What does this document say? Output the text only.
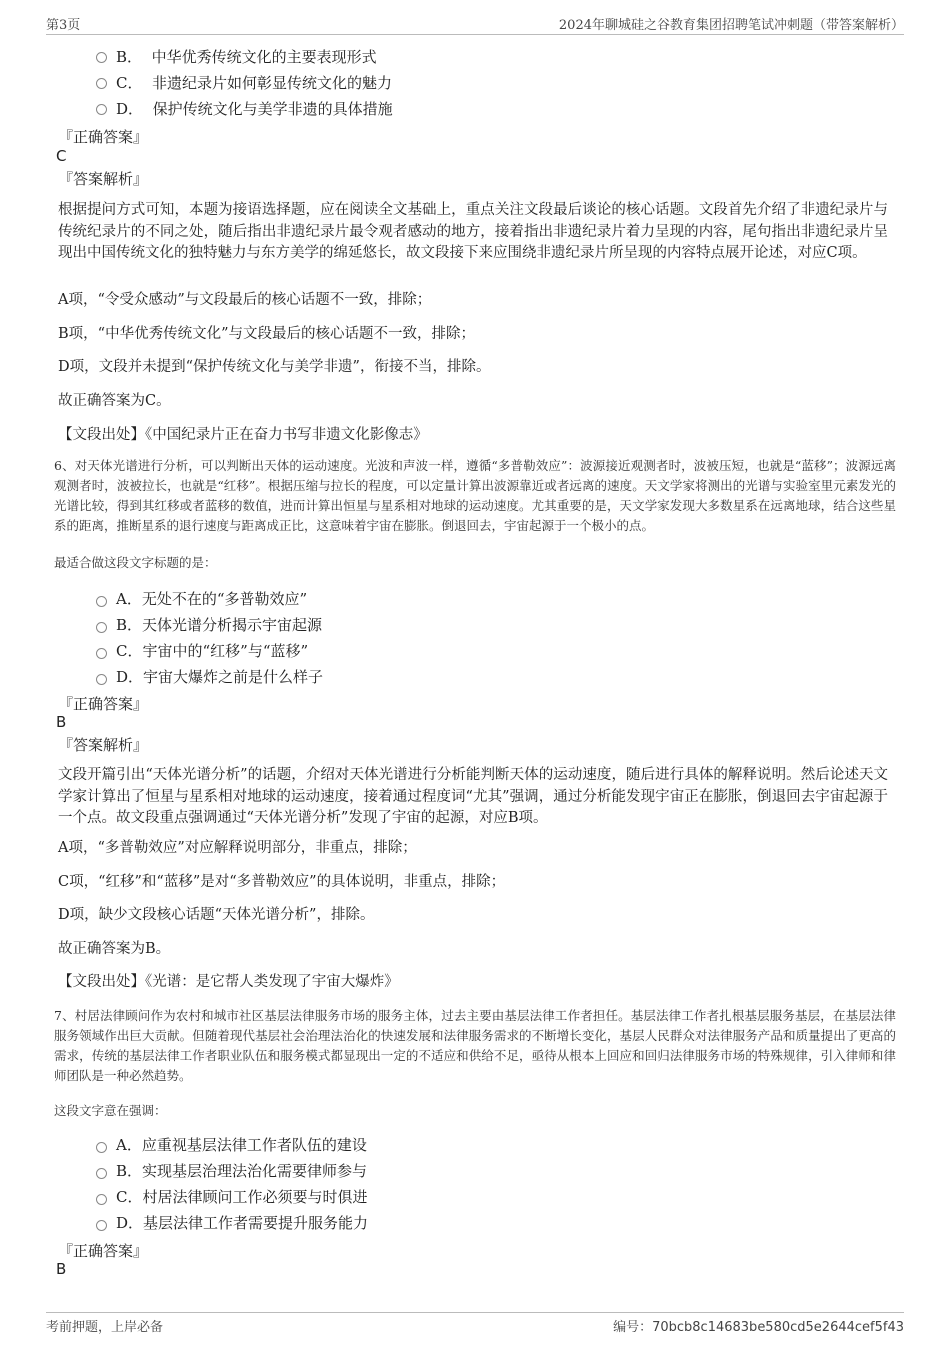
第3页	2024年聊城硅之谷教育集团招聘笔试冲刺题（带答案解析）
B． 中华优秀传统文化的主要表现形式
C． 非遗纪录片如何彰显传统文化的魅力
D． 保护传统文化与美学非遗的具体措施
『正确答案』
C
『答案解析』
根据提问方式可知，本题为接语选择题，应在阅读全文基础上，重点关注文段最后谈论的核心话题。文段首先介绍了非遗纪录片与传统纪录片的不同之处，随后指出非遗纪录片最令观者感动的地方，接着指出非遗纪录片着力呈现的内容，尾句指出非遗纪录片呈现出中国传统文化的独特魅力与东方美学的绵延悠长，故文段接下来应围绕非遗纪录片所呈现的内容特点展开论述，对应C项。
A项，“令受众感动”与文段最后的核心话题不一致，排除；
B项，“中华优秀传统文化”与文段最后的核心话题不一致，排除；
D项，文段并未提到“保护传统文化与美学非遗”，衔接不当，排除。
故正确答案为C。
【文段出处】《中国纪录片正在奋力书写非遗文化影像志》
6、对天体光谱进行分析，可以判断出天体的运动速度。光波和声波一样，遵循“多普勒效应”：波源接近观测者时，波被压短，也就是“蓝移”；波源远离观测者时，波被拉长，也就是“红移”。根据压缩与拉长的程度，可以定量计算出波源靠近或者远离的速度。天文学家将测出的光谱与实验室里元素发光的光谱比较，得到其红移或者蓝移的数值，进而计算出恒星与星系相对地球的运动速度。尤其重要的是，天文学家发现大多数星系在远离地球，结合这些星系的距离，推断星系的退行速度与距离成正比，这意味着宇宙在膨胀。倒退回去，宇宙起源于一个极小的点。
最适合做这段文字标题的是：
A．无处不在的“多普勒效应”
B．天体光谱分析揭示宇宙起源
C．宇宙中的“红移”与“蓝移”
D．宇宙大爆炸之前是什么样子
『正确答案』
B
『答案解析』
文段开篇引出“天体光谱分析”的话题，介绍对天体光谱进行分析能判断天体的运动速度，随后进行具体的解释说明。然后论述天文学家计算出了恒星与星系相对地球的运动速度，接着通过程度词“尤其”强调，通过分析能发现宇宙正在膨胀，倒退回去宇宙起源于一个点。故文段重点强调通过“天体光谱分析”发现了宇宙的起源，对应B项。
A项，“多普勒效应”对应解释说明部分，非重点，排除；
C项，“红移”和“蓝移”是对“多普勒效应”的具体说明，非重点，排除；
D项，缺少文段核心话题“天体光谱分析”，排除。
故正确答案为B。
【文段出处】《光谱：是它帮人类发现了宇宙大爆炸》
7、村居法律顾问作为农村和城市社区基层法律服务市场的服务主体，过去主要由基层法律工作者担任。基层法律工作者扎根基层服务基层，在基层法律服务领域作出巨大贡献。但随着现代基层社会治理法治化的快速发展和法律服务需求的不断增长变化，基层人民群众对法律服务产品和质量提出了更高的需求，传统的基层法律工作者职业队伍和服务模式都显现出一定的不适应和供给不足，亟待从根本上回应和回归法律服务市场的特殊规律，引入律师和律师团队是一种必然趋势。
这段文字意在强调：
A．应重视基层法律工作者队伍的建设
B．实现基层治理法治化需要律师参与
C．村居法律顾问工作必须要与时俱进
D．基层法律工作者需要提升服务能力
『正确答案』
B
考前押题，上岸必备	编号：70bcb8c14683be580cd5e2644cef5f43
